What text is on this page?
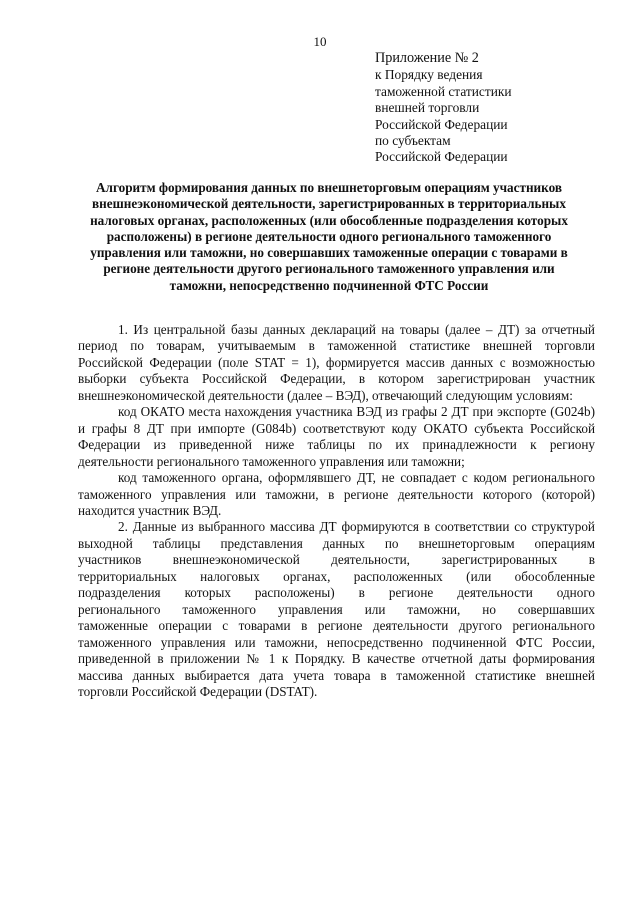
10
Приложение № 2
к Порядку ведения
таможенной статистики
внешней торговли
Российской Федерации
по субъектам
Российской Федерации
Алгоритм формирования данных по внешнеторговым операциям участников
внешнеэкономической деятельности, зарегистрированных в территориальных
налоговых органах, расположенных (или обособленные подразделения которых
расположены) в регионе деятельности одного регионального таможенного
управления или таможни, но совершавших таможенные операции с товарами в
регионе деятельности другого регионального таможенного управления или
таможни, непосредственно подчиненной ФТС России
1. Из центральной базы данных деклараций на товары (далее – ДТ) за отчетный
период по товарам, учитываемым в таможенной статистике внешней торговли
Российской Федерации (поле STAT = 1), формируется массив данных с возможностью
выборки субъекта Российской Федерации, в котором зарегистрирован участник
внешнеэкономической деятельности (далее – ВЭД), отвечающий следующим условиям:
код ОКАТО места нахождения участника ВЭД из графы 2 ДТ при экспорте (G024b)
и графы 8 ДТ при импорте (G084b) соответствуют коду ОКАТО субъекта Российской
Федерации из приведенной ниже таблицы по их принадлежности к региону
деятельности регионального таможенного управления или таможни;
код таможенного органа, оформлявшего ДТ, не совпадает с кодом регионального
таможенного управления или таможни, в регионе деятельности которого (которой)
находится участник ВЭД.
2. Данные из выбранного массива ДТ формируются в соответствии со структурой
выходной таблицы представления данных по внешнеторговым операциям
участников внешнеэкономической деятельности, зарегистрированных в
территориальных налоговых органах, расположенных (или обособленные
подразделения которых расположены) в регионе деятельности одного
регионального таможенного управления или таможни, но совершавших
таможенные операции с товарами в регионе деятельности другого регионального
таможенного управления или таможни, непосредственно подчиненной ФТС России,
приведенной в приложении № 1 к Порядку. В качестве отчетной даты формирования
массива данных выбирается дата учета товара в таможенной статистике внешней
торговли Российской Федерации (DSTAT).
